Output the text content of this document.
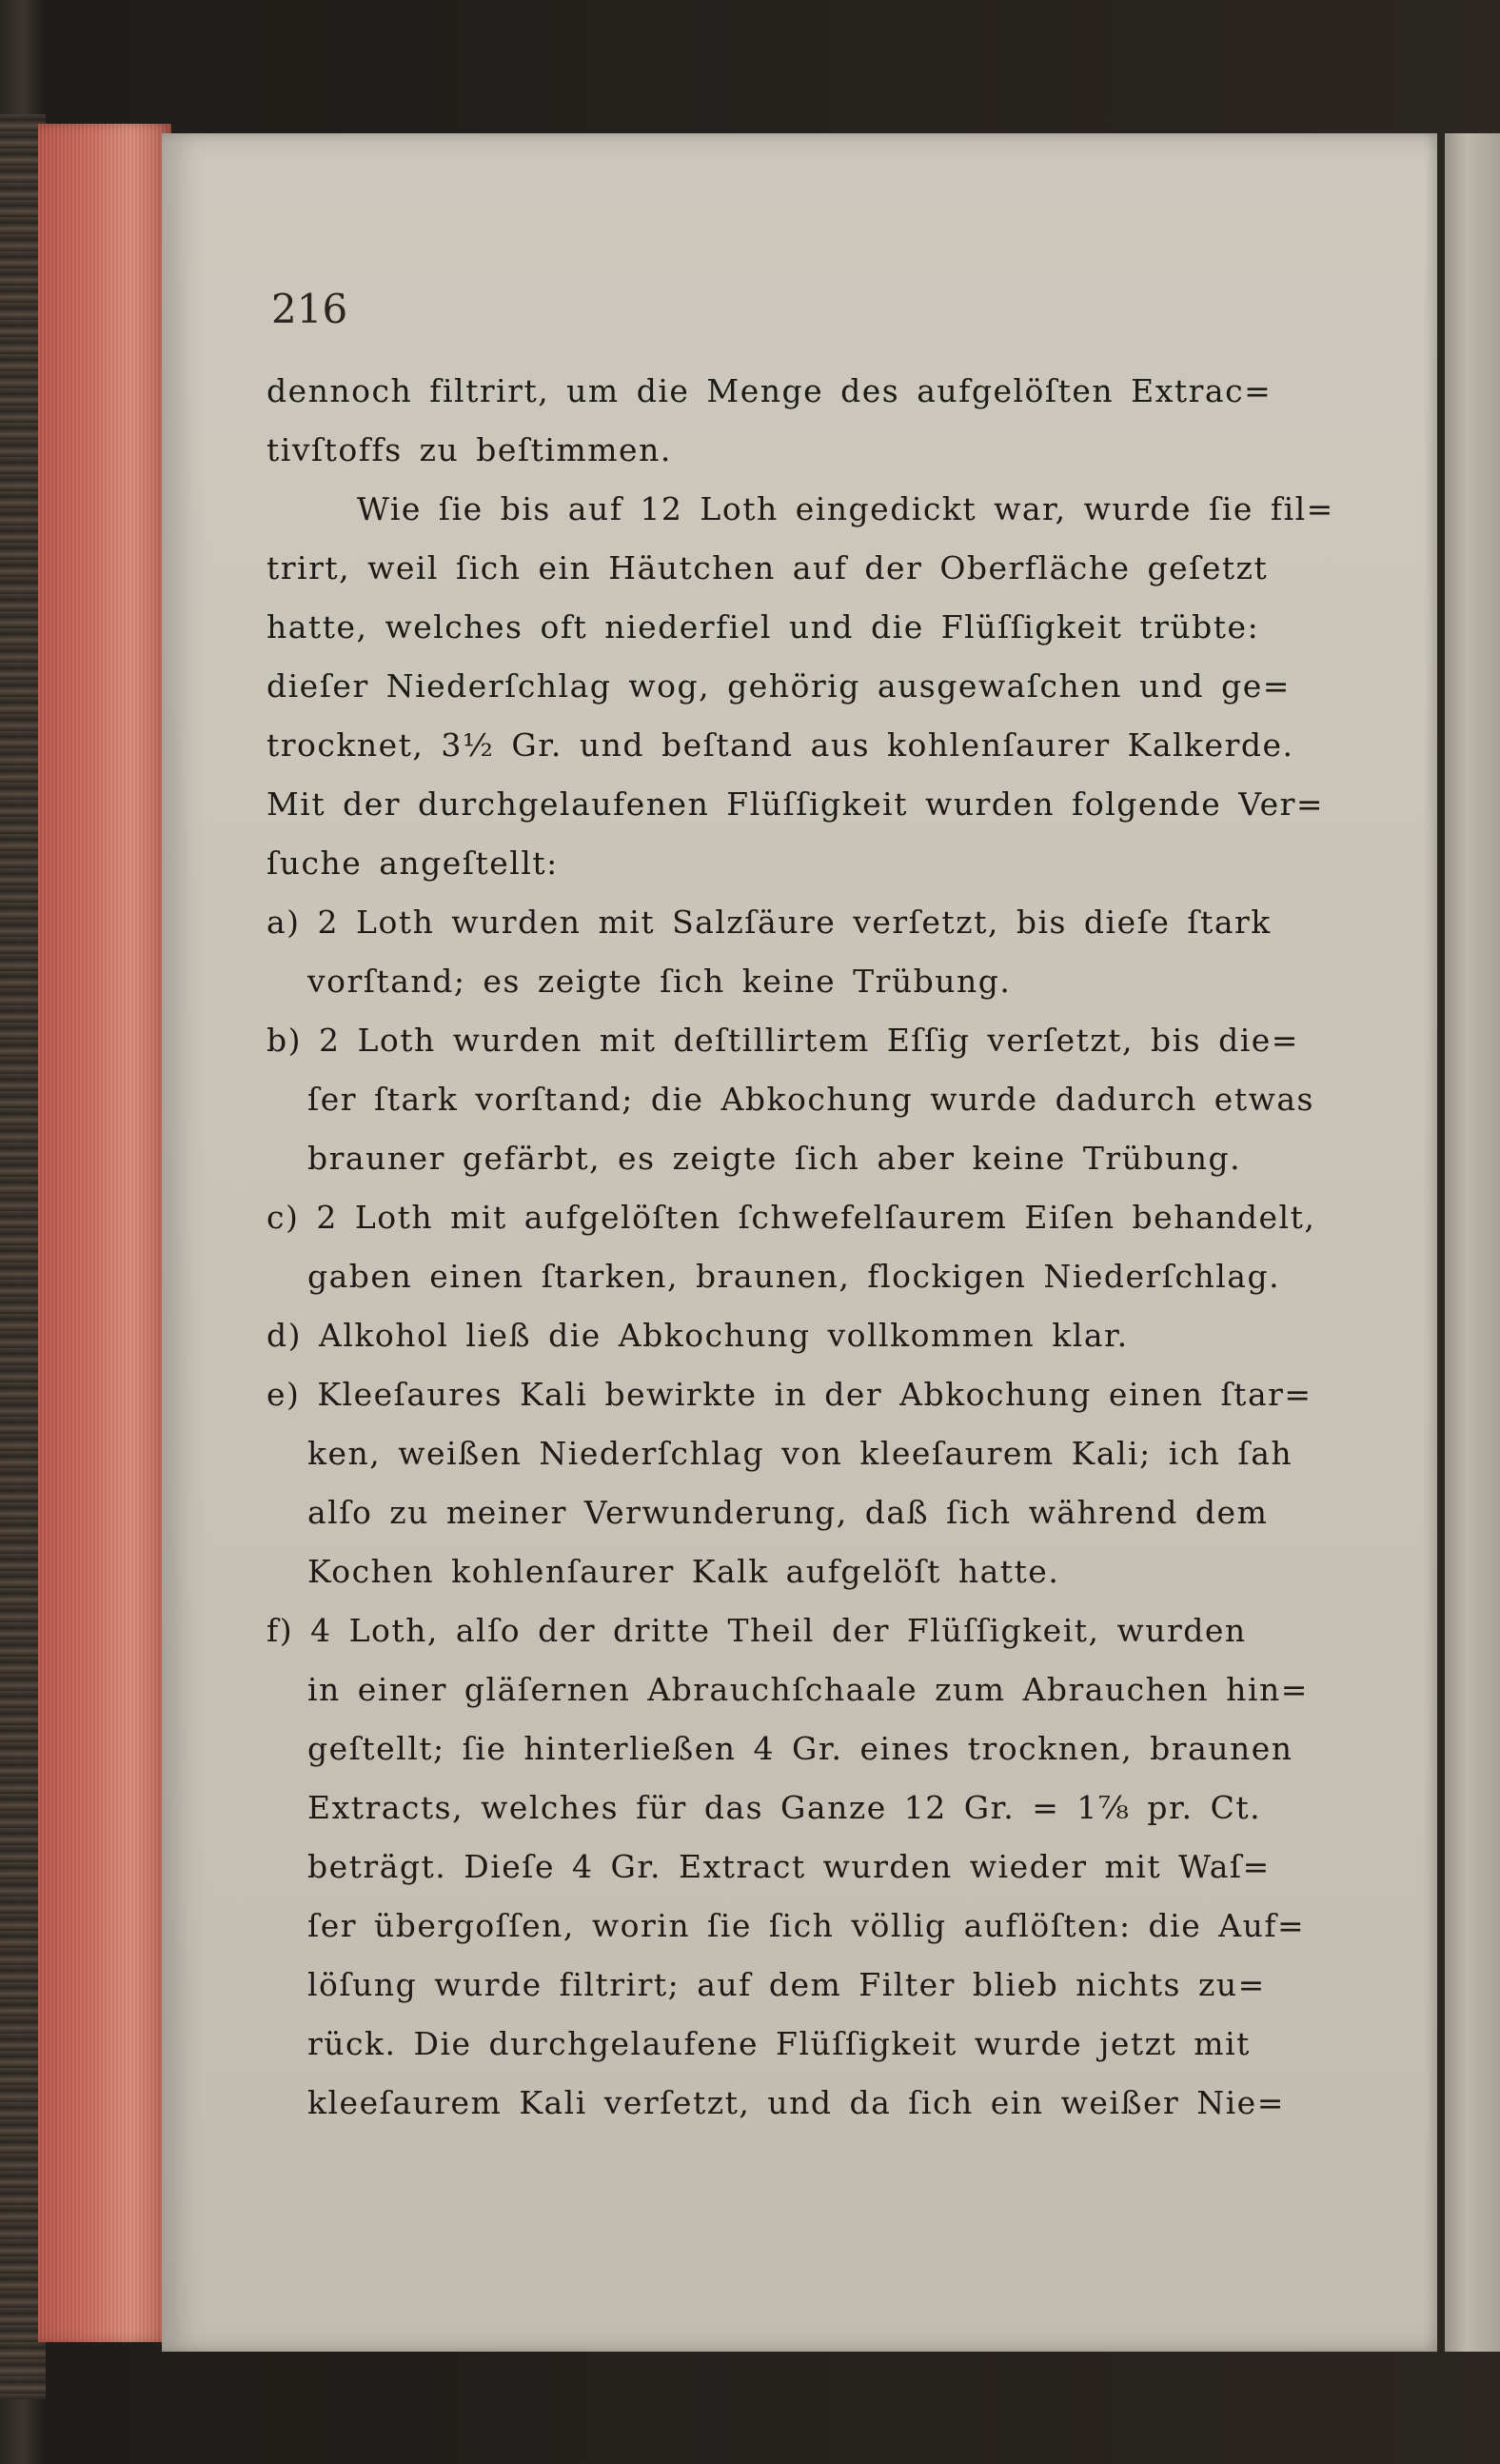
216
dennoch filtrirt, um die Menge des aufgelöſten Extrac=
tivſtoffs zu beſtimmen.
Wie ſie bis auf 12 Loth eingedickt war, wurde ſie fil=
trirt, weil ſich ein Häutchen auf der Oberfläche geſetzt
hatte, welches oft niederfiel und die Flüſſigkeit trübte:
dieſer Niederſchlag wog, gehörig ausgewaſchen und ge=
trocknet, 3½ Gr. und beſtand aus kohlenſaurer Kalkerde.
Mit der durchgelaufenen Flüſſigkeit wurden folgende Ver=
ſuche angeſtellt:
a) 2 Loth wurden mit Salzſäure verſetzt, bis dieſe ſtark
vorſtand; es zeigte ſich keine Trübung.
b) 2 Loth wurden mit deſtillirtem Eſſig verſetzt, bis die=
ſer ſtark vorſtand; die Abkochung wurde dadurch etwas
brauner gefärbt, es zeigte ſich aber keine Trübung.
c) 2 Loth mit aufgelöſten ſchwefelſaurem Eiſen behandelt,
gaben einen ſtarken, braunen, flockigen Niederſchlag.
d) Alkohol ließ die Abkochung vollkommen klar.
e) Kleeſaures Kali bewirkte in der Abkochung einen ſtar=
ken, weißen Niederſchlag von kleeſaurem Kali; ich ſah
alſo zu meiner Verwunderung, daß ſich während dem
Kochen kohlenſaurer Kalk aufgelöſt hatte.
f) 4 Loth, alſo der dritte Theil der Flüſſigkeit, wurden
in einer gläſernen Abrauchſchaale zum Abrauchen hin=
geſtellt; ſie hinterließen 4 Gr. eines trocknen, braunen
Extracts, welches für das Ganze 12 Gr. = 1⅞ pr. Ct.
beträgt. Dieſe 4 Gr. Extract wurden wieder mit Waſ=
ſer übergoſſen, worin ſie ſich völlig auflöſten: die Auf=
löſung wurde filtrirt; auf dem Filter blieb nichts zu=
rück. Die durchgelaufene Flüſſigkeit wurde jetzt mit
kleeſaurem Kali verſetzt, und da ſich ein weißer Nie=
